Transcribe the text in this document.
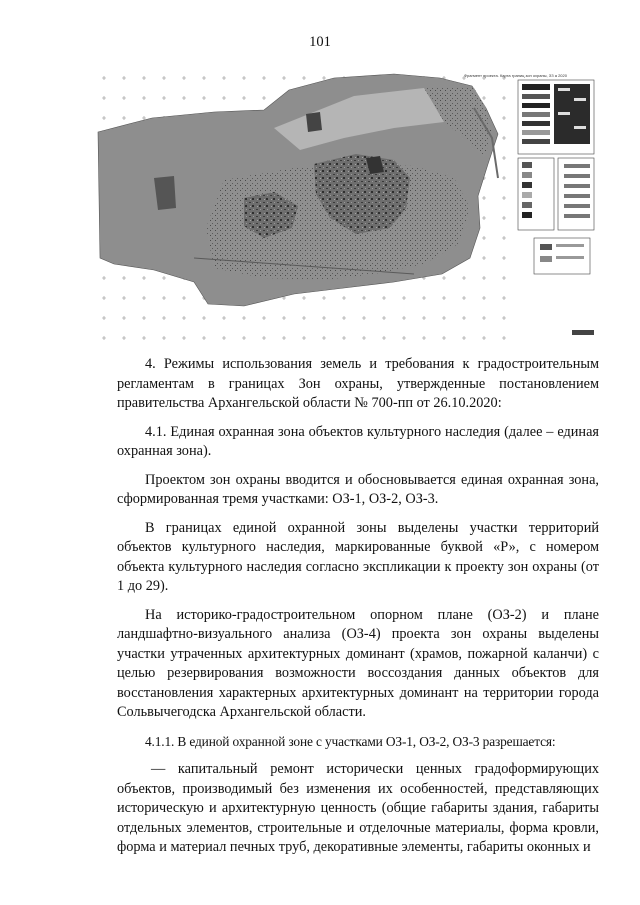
101
Фрагмент проекта. Карта границ зон охраны, ЗЗ а 2020

4. Режимы использования земель и требования к градостроительным регламентам в границах Зон охраны, утвержденные постановлением правительства Архангельской области № 700-пп от 26.10.2020:

4.1. Единая охранная зона объектов культурного наследия (далее – единая охранная зона).

Проектом зон охраны вводится и обосновывается единая охранная зона, сформированная тремя участками: ОЗ-1, ОЗ-2, ОЗ-3.

В границах единой охранной зоны выделены участки территорий объектов культурного наследия, маркированные буквой «Р», с номером объекта культурного наследия согласно экспликации к проекту зон охраны (от 1 до 29).

На историко-градостроительном опорном плане (ОЗ-2) и плане ландшафтно-визуального анализа (ОЗ-4) проекта зон охраны выделены участки утраченных архитектурных доминант (храмов, пожарной каланчи) с целью резервирования возможности воссоздания данных объектов для восстановления характерных архитектурных доминант на территории города Сольвычегодска Архангельской области.

4.1.1. В единой охранной зоне с участками ОЗ-1, ОЗ-2, ОЗ-3 разрешается:

— капитальный ремонт исторически ценных градоформирующих объектов, производимый без изменения их особенностей, представляющих историческую и архитектурную ценность (общие габариты здания, габариты отдельных элементов, строительные и отделочные материалы, форма кровли, форма и материал печных труб, декоративные элементы, габариты оконных и
